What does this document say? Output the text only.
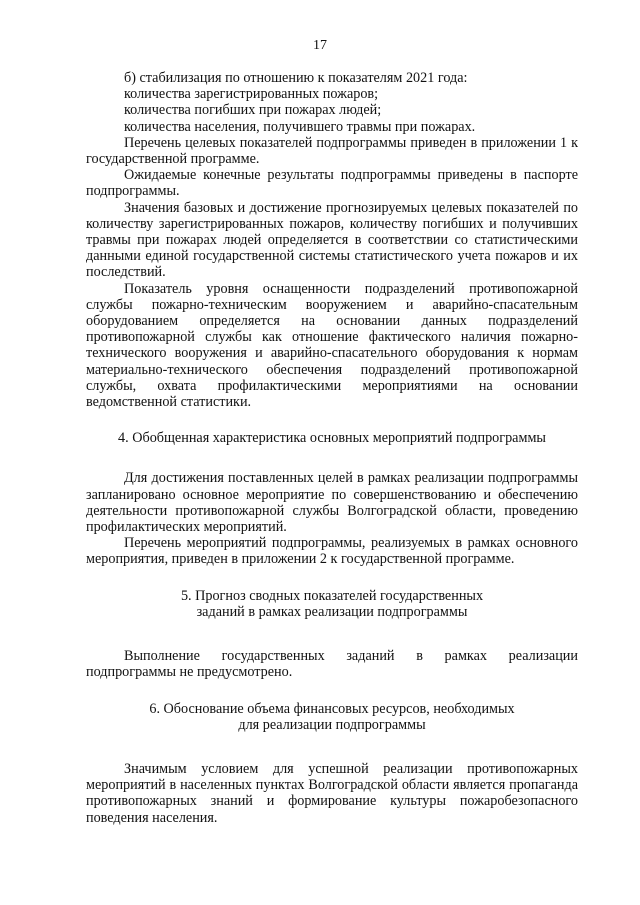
17

б) стабилизация по отношению к показателям 2021 года:

количества зарегистрированных пожаров;

количества погибших при пожарах людей;

количества населения, получившего травмы при пожарах.

Перечень целевых показателей подпрограммы приведен в приложении 1 к государственной программе.

Ожидаемые конечные результаты подпрограммы приведены в паспорте подпрограммы.

Значения базовых и достижение прогнозируемых целевых показателей по количеству зарегистрированных пожаров, количеству погибших и получивших травмы при пожарах людей определяется в соответствии со статистическими данными единой государственной системы статистического учета пожаров и их последствий.

Показатель уровня оснащенности подразделений противопожарной службы пожарно-техническим вооружением и аварийно-спасательным оборудованием определяется на основании данных подразделений противопожарной службы как отношение фактического наличия пожарно-технического вооружения и аварийно-спасательного оборудования к нормам материально-технического обеспечения подразделений противопожарной службы, охвата профилактическими мероприятиями на основании ведомственной статистики.

4. Обобщенная характеристика основных мероприятий подпрограммы

Для достижения поставленных целей в рамках реализации подпрограммы запланировано основное мероприятие по совершенствованию и обеспечению деятельности противопожарной службы Волгоградской области, проведению профилактических мероприятий.

Перечень мероприятий подпрограммы, реализуемых в рамках основного мероприятия, приведен в приложении 2 к государственной программе.

5. Прогноз сводных показателей государственных

заданий в рамках реализации подпрограммы

Выполнение государственных заданий в рамках реализации подпрограммы не предусмотрено.

6. Обоснование объема финансовых ресурсов, необходимых

для реализации подпрограммы

Значимым условием для успешной реализации противопожарных мероприятий в населенных пунктах Волгоградской области является пропаганда противопожарных знаний и формирование культуры пожаробезопасного поведения населения.
